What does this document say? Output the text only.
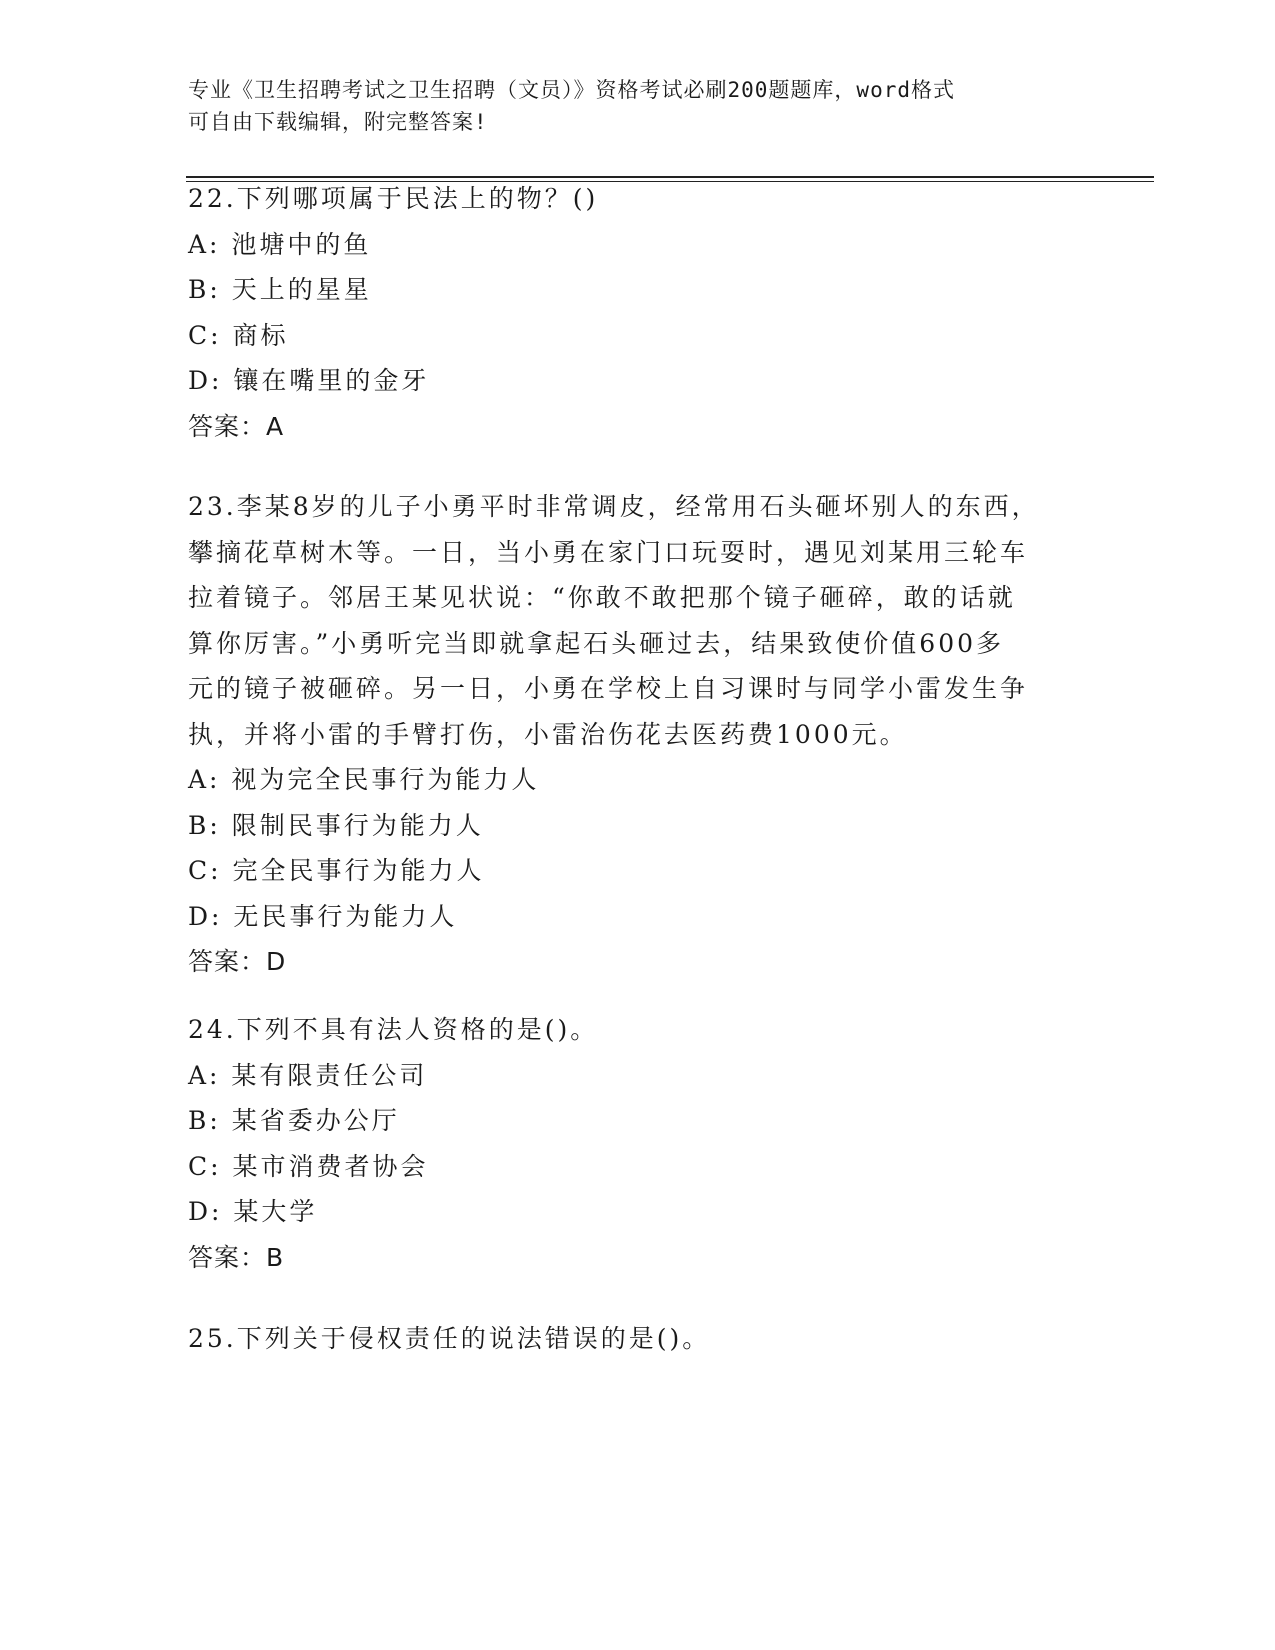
专业《卫生招聘考试之卫生招聘（文员）》资格考试必刷200题题库，word格式
可自由下载编辑，附完整答案!
22.下列哪项属于民法上的物？()
A: 池塘中的鱼
B: 天上的星星
C: 商标
D: 镶在嘴里的金牙
答案：A
23.李某8岁的儿子小勇平时非常调皮，经常用石头砸坏别人的东西，
攀摘花草树木等。一日，当小勇在家门口玩耍时，遇见刘某用三轮车
拉着镜子。邻居王某见状说：“你敢不敢把那个镜子砸碎，敢的话就
算你厉害。”小勇听完当即就拿起石头砸过去，结果致使价值600多
元的镜子被砸碎。另一日，小勇在学校上自习课时与同学小雷发生争
执，并将小雷的手臂打伤，小雷治伤花去医药费1000元。
A: 视为完全民事行为能力人
B: 限制民事行为能力人
C: 完全民事行为能力人
D: 无民事行为能力人
答案：D
24.下列不具有法人资格的是()。
A: 某有限责任公司
B: 某省委办公厅
C: 某市消费者协会
D: 某大学
答案：B
25.下列关于侵权责任的说法错误的是()。
